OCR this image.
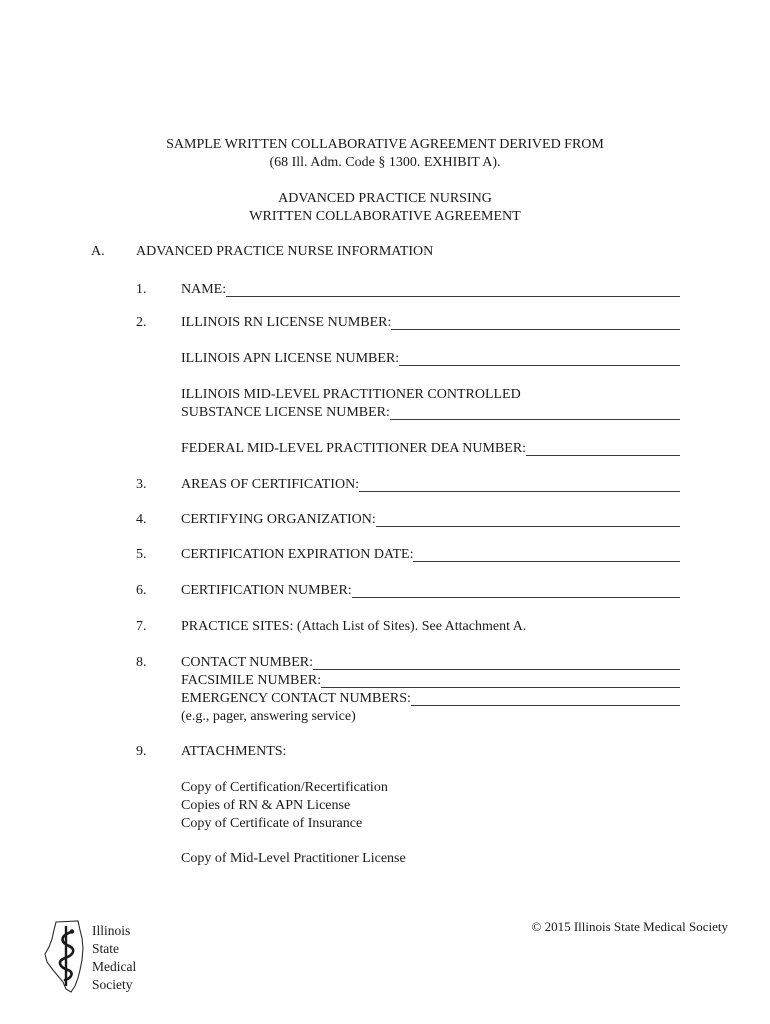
SAMPLE WRITTEN COLLABORATIVE AGREEMENT DERIVED FROM
(68 Ill. Adm. Code § 1300. EXHIBIT A).
ADVANCED PRACTICE NURSING
WRITTEN COLLABORATIVE AGREEMENT
A. ADVANCED PRACTICE NURSE INFORMATION
1. NAME:
2. ILLINOIS RN LICENSE NUMBER:
ILLINOIS APN LICENSE NUMBER:
ILLINOIS MID-LEVEL PRACTITIONER CONTROLLED
SUBSTANCE LICENSE NUMBER:
FEDERAL MID-LEVEL PRACTITIONER DEA NUMBER:
3. AREAS OF CERTIFICATION:
4. CERTIFYING ORGANIZATION:
5. CERTIFICATION EXPIRATION DATE:
6. CERTIFICATION NUMBER:
7. PRACTICE SITES: (Attach List of Sites). See Attachment A.
8. CONTACT NUMBER:
FACSIMILE NUMBER:
EMERGENCY CONTACT NUMBERS:
(e.g., pager, answering service)
9. ATTACHMENTS:
Copy of Certification/Recertification
Copies of RN & APN License
Copy of Certificate of Insurance
Copy of Mid-Level Practitioner License
Illinois
State
Medical
Society
© 2015 Illinois State Medical Society
